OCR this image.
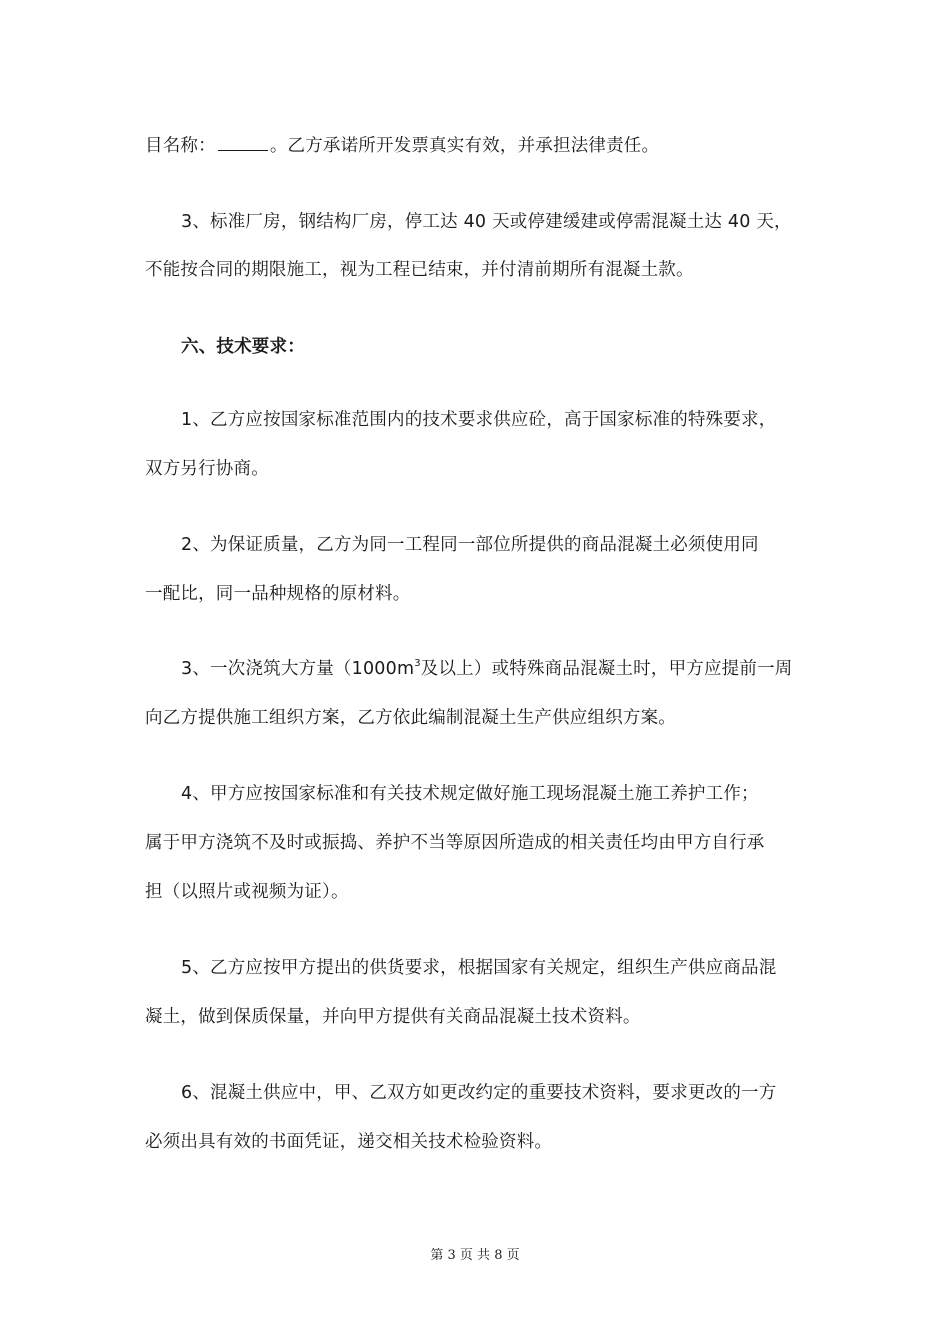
目名称：	。乙方承诺所开发票真实有效，并承担法律责任。
3、标准厂房，钢结构厂房，停工达 40 天或停建缓建或停需混凝土达 40 天，
不能按合同的期限施工，视为工程已结束，并付清前期所有混凝土款。
六、技术要求：
1、乙方应按国家标准范围内的技术要求供应砼，高于国家标准的特殊要求，
双方另行协商。
2、为保证质量，乙方为同一工程同一部位所提供的商品混凝土必须使用同
一配比，同一品种规格的原材料。
3、一次浇筑大方量（$1000m^3$及以上）或特殊商品混凝土时，甲方应提前一周
向乙方提供施工组织方案，乙方依此编制混凝土生产供应组织方案。
4、甲方应按国家标准和有关技术规定做好施工现场混凝土施工养护工作；
属于甲方浇筑不及时或振捣、养护不当等原因所造成的相关责任均由甲方自行承
担（以照片或视频为证）。
5、乙方应按甲方提出的供货要求，根据国家有关规定，组织生产供应商品混
凝土，做到保质保量，并向甲方提供有关商品混凝土技术资料。
6、混凝土供应中，甲、乙双方如更改约定的重要技术资料，要求更改的一方
必须出具有效的书面凭证，递交相关技术检验资料。
第 3 页 共 8 页
